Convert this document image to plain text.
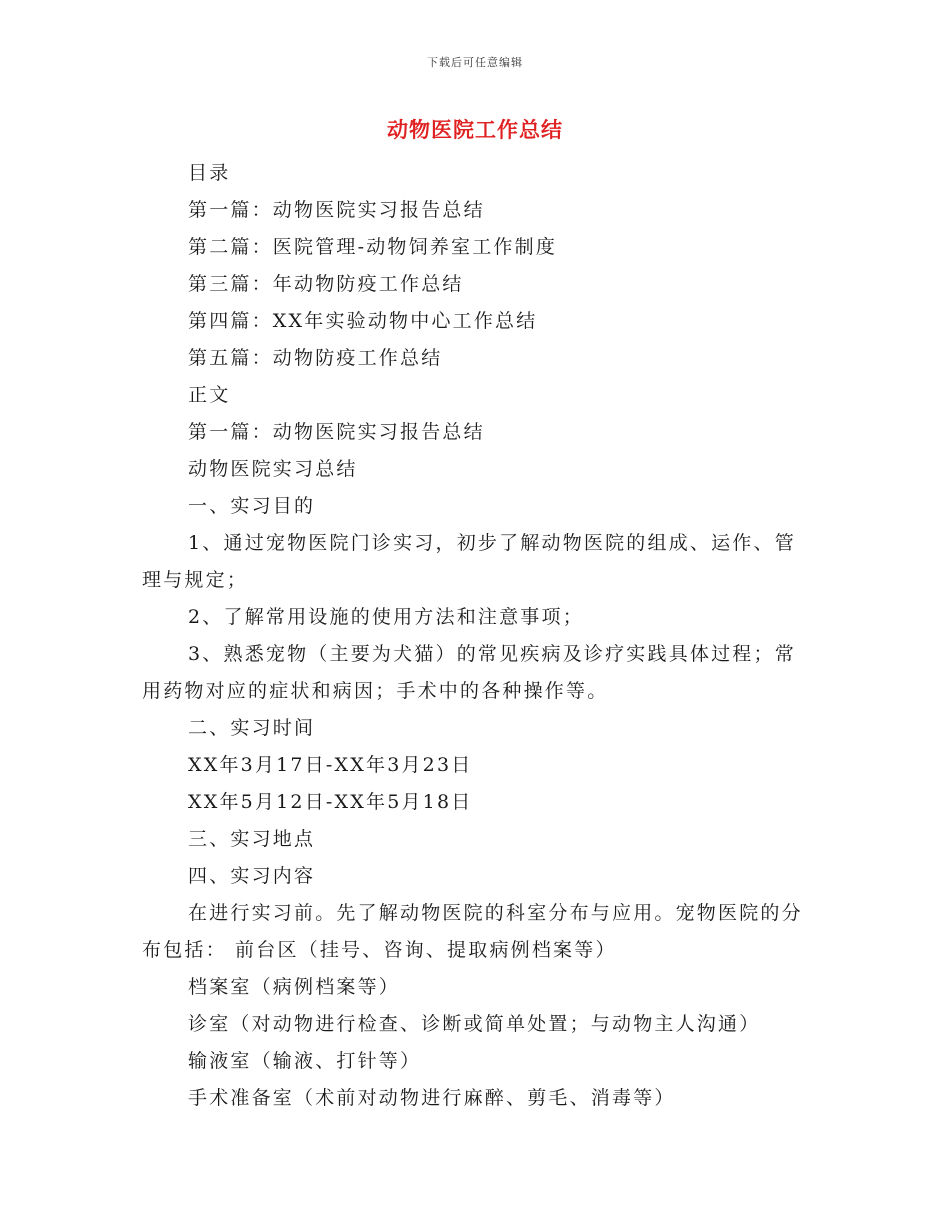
下载后可任意编辑
动物医院工作总结

目录

第一篇：动物医院实习报告总结

第二篇：医院管理-动物饲养室工作制度

第三篇：年动物防疫工作总结

第四篇：XX年实验动物中心工作总结

第五篇：动物防疫工作总结

正文

第一篇：动物医院实习报告总结

动物医院实习总结

一、实习目的

1、通过宠物医院门诊实习，初步了解动物医院的组成、运作、管理与规定；

2、了解常用设施的使用方法和注意事项；

3、熟悉宠物（主要为犬猫）的常见疾病及诊疗实践具体过程；常用药物对应的症状和病因；手术中的各种操作等。

二、实习时间

XX年3月17日-XX年3月23日

XX年5月12日-XX年5月18日

三、实习地点

四、实习内容

在进行实习前。先了解动物医院的科室分布与应用。宠物医院的分布包括： 前台区（挂号、咨询、提取病例档案等）

档案室（病例档案等）

诊室（对动物进行检查、诊断或简单处置；与动物主人沟通）

输液室（输液、打针等）

手术准备室（术前对动物进行麻醉、剪毛、消毒等）
